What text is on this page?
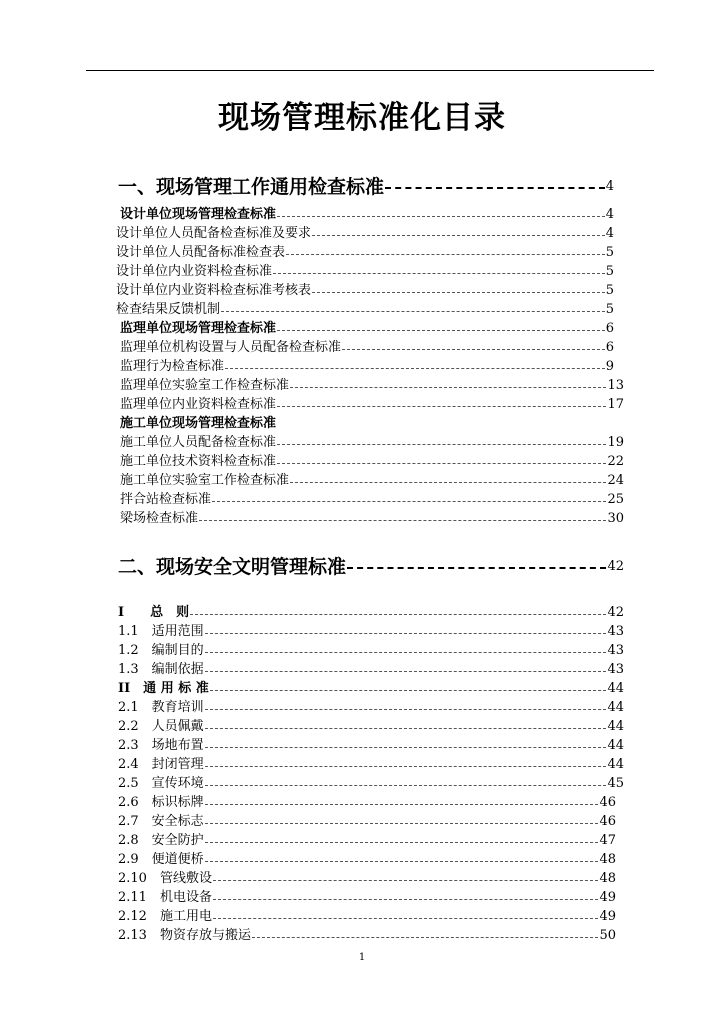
现场管理标准化目录
一、现场管理工作通用检查标准	4
设计单位现场管理检查标准	4
设计单位人员配备检查标准及要求	4
设计单位人员配备标准检查表	5
设计单位内业资料检查标准	5
设计单位内业资料检查标准考核表	5
检查结果反馈机制	5
监理单位现场管理检查标准	6
监理单位机构设置与人员配备检查标准	6
监理行为检查标准	9
监理单位实验室工作检查标准	13
监理单位内业资料检查标准	17
施工单位现场管理检查标准
施工单位人员配备检查标准	19
施工单位技术资料检查标准	22
施工单位实验室工作检查标准	24
拌合站检查标准	25
梁场检查标准	30
二、现场安全文明管理标准	42
I　　总　则	42
1.1　适用范围	43
1.2　编制目的	43
1.3　编制依据	43
II　通 用 标 准	44
2.1　教育培训	44
2.2　人员佩戴	44
2.3　场地布置	44
2.4　封闭管理	44
2.5　宣传环境	45
2.6　标识标牌	46
2.7　安全标志	46
2.8　安全防护	47
2.9　便道便桥	48
2.10　管线敷设	48
2.11　机电设备	49
2.12　施工用电	49
2.13　物资存放与搬运	50
1
